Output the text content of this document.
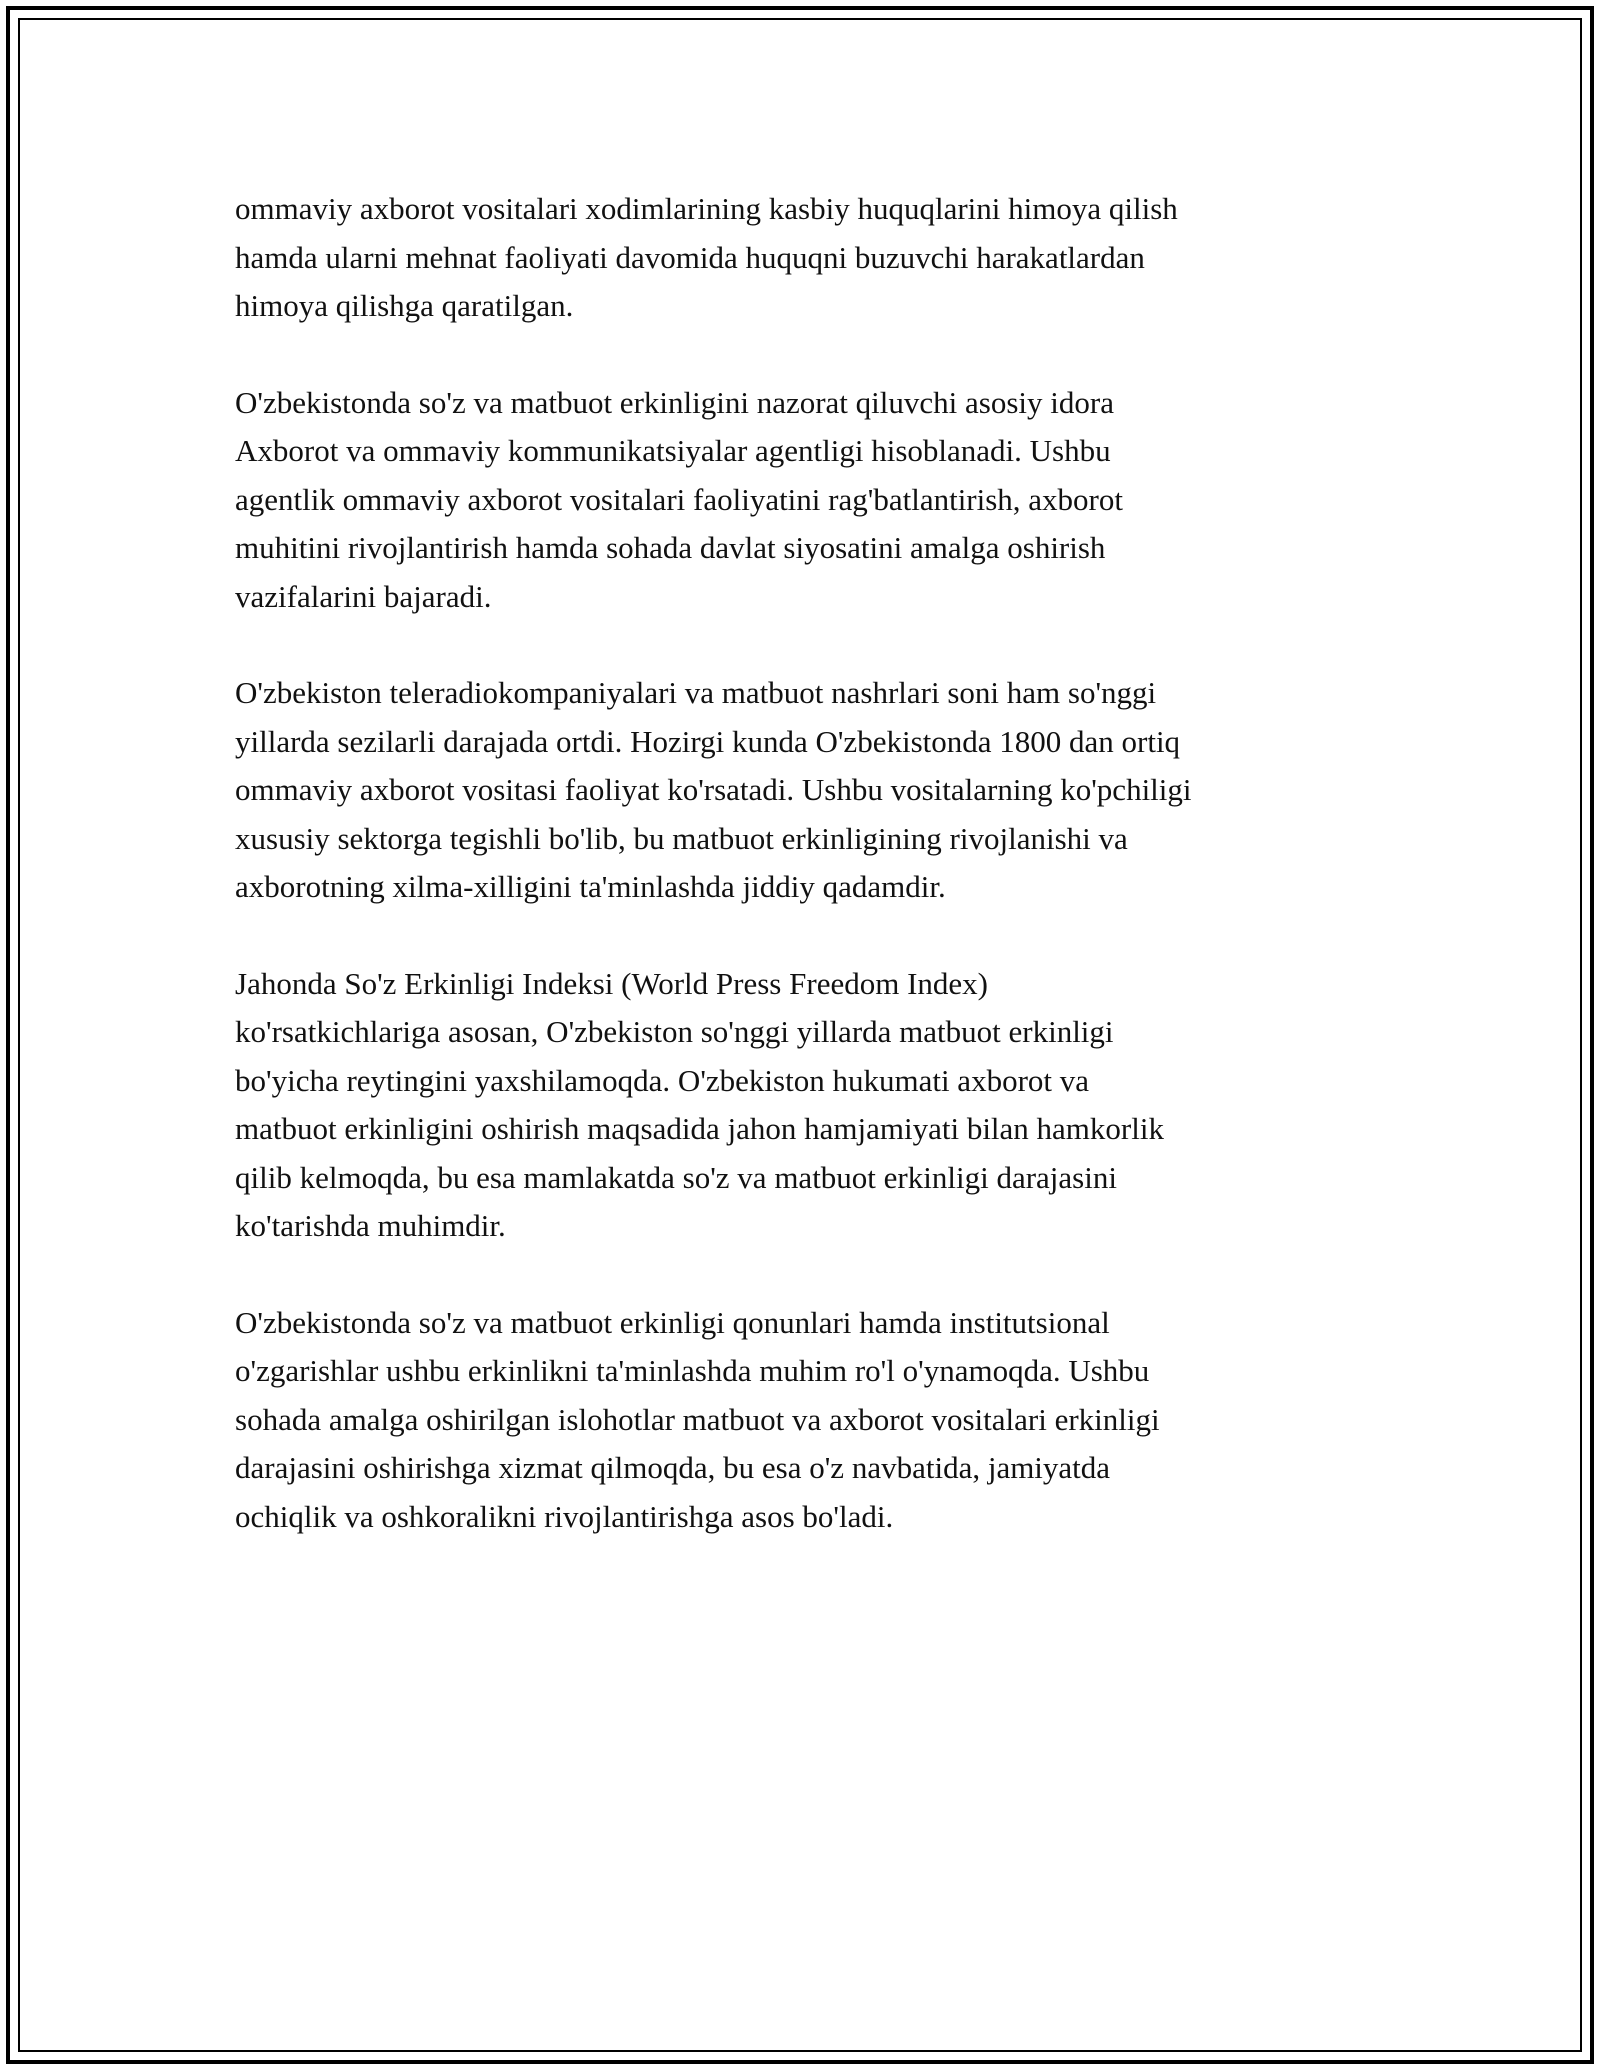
ommaviy axborot vositalari xodimlarining kasbiy huquqlarini himoya qilish
hamda ularni mehnat faoliyati davomida huquqni buzuvchi harakatlardan
himoya qilishga qaratilgan.

O'zbekistonda so'z va matbuot erkinligini nazorat qiluvchi asosiy idora
Axborot va ommaviy kommunikatsiyalar agentligi hisoblanadi. Ushbu
agentlik ommaviy axborot vositalari faoliyatini rag'batlantirish, axborot
muhitini rivojlantirish hamda sohada davlat siyosatini amalga oshirish
vazifalarini bajaradi.

O'zbekiston teleradiokompaniyalari va matbuot nashrlari soni ham so'nggi
yillarda sezilarli darajada ortdi. Hozirgi kunda O'zbekistonda 1800 dan ortiq
ommaviy axborot vositasi faoliyat ko'rsatadi. Ushbu vositalarning ko'pchiligi
xususiy sektorga tegishli bo'lib, bu matbuot erkinligining rivojlanishi va
axborotning xilma-xilligini ta'minlashda jiddiy qadamdir.

Jahonda So'z Erkinligi Indeksi (World Press Freedom Index)
ko'rsatkichlariga asosan, O'zbekiston so'nggi yillarda matbuot erkinligi
bo'yicha reytingini yaxshilamoqda. O'zbekiston hukumati axborot va
matbuot erkinligini oshirish maqsadida jahon hamjamiyati bilan hamkorlik
qilib kelmoqda, bu esa mamlakatda so'z va matbuot erkinligi darajasini
ko'tarishda muhimdir.

O'zbekistonda so'z va matbuot erkinligi qonunlari hamda institutsional
o'zgarishlar ushbu erkinlikni ta'minlashda muhim ro'l o'ynamoqda. Ushbu
sohada amalga oshirilgan islohotlar matbuot va axborot vositalari erkinligi
darajasini oshirishga xizmat qilmoqda, bu esa o'z navbatida, jamiyatda
ochiqlik va oshkoralikni rivojlantirishga asos bo'ladi.
